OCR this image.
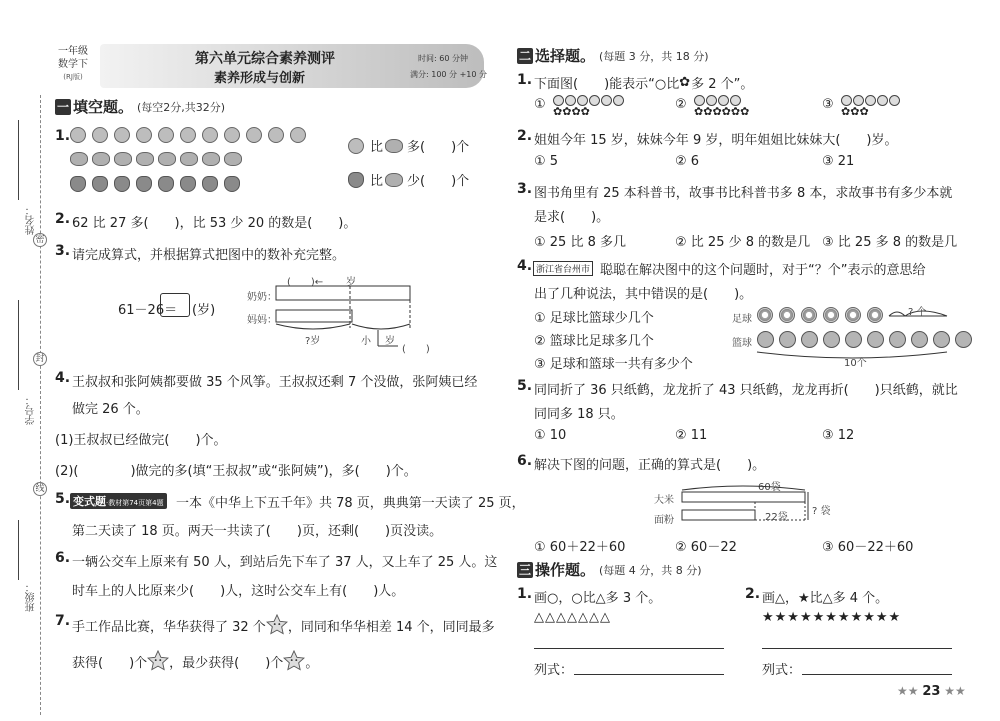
密
封
线
姓名：
学号：
班级：
一年级
数学下
(RJ版)
第六单元综合素养测评
素养形成与创新
时间: 60 分钟
满分: 100 分 +10 分
一 填空题。 (每空2分,共32分)
1.
比 多(　　)个
比 少(　　)个
2. 62 比 27 多(　　)，比 53 少 20 的数是(　　)。
3. 请完成算式，并根据算式把图中的数补充完整。
61－26＝ (岁)
(　　)← 岁
奶奶：
妈妈：
?岁	小 岁
(　　)
4. 王叔叔和张阿姨都要做 35 个风筝。王叔叔还剩 7 个没做，张阿姨已经
做完 26 个。
(1)王叔叔已经做完(　　)个。
(2)(　　　　)做完的多(填“王叔叔”或“张阿姨”)，多(　　)个。
5. 变式题·教材第74页第4题 一本《中华上下五千年》共 78 页，典典第一天读了 25 页，
第二天读了 18 页。两天一共读了(　　)页，还剩(　　)页没读。
6. 一辆公交车上原来有 50 人，到站后先下车了 37 人，又上车了 25 人。这
时车上的人比原来少(　　)人，这时公交车上有(　　)人。
7. 手工作品比赛，华华获得了 32 个 ，同同和华华相差 14 个，同同最多
获得(　　)个 ，最少获得(　　)个 。
二 选择题。 (每题 3 分，共 18 分)
1. 下面图(　　)能表示“○比 ✿ 多 2 个”。
① ✿✿✿✿	② ✿✿✿✿✿✿	③ ✿✿✿
2. 姐姐今年 15 岁，妹妹今年 9 岁，明年姐姐比妹妹大(　　)岁。
① 5	② 6	③ 21
3. 图书角里有 25 本科普书，故事书比科普书多 8 本，求故事书有多少本就
是求(　　)。
① 25 比 8 多几	② 比 25 少 8 的数是几 ③ 比 25 多 8 的数是几
4. 浙江省台州市 聪聪在解决图中的这个问题时，对于“？个”表示的意思给
出了几种说法，其中错误的是(　　)。
① 足球比篮球少几个
② 篮球比足球多几个
③ 足球和篮球一共有多少个
足球
篮球
? 个
10个
5. 同同折了 36 只纸鹤，龙龙折了 43 只纸鹤，龙龙再折(　　)只纸鹤，就比
同同多 18 只。
① 10	② 11	③ 12
6. 解决下图的问题，正确的算式是(　　)。
60袋
大米
面粉	22袋
? 袋
① 60＋22＋60	② 60－22	③ 60－22＋60
三 操作题。 (每题 4 分，共 8 分)
1. 画○，○比△多 3 个。
△△△△△△△
列式：
2. 画△，★比△多 4 个。
★★★★★★★★★★★
列式：
★★ 23 ★★
